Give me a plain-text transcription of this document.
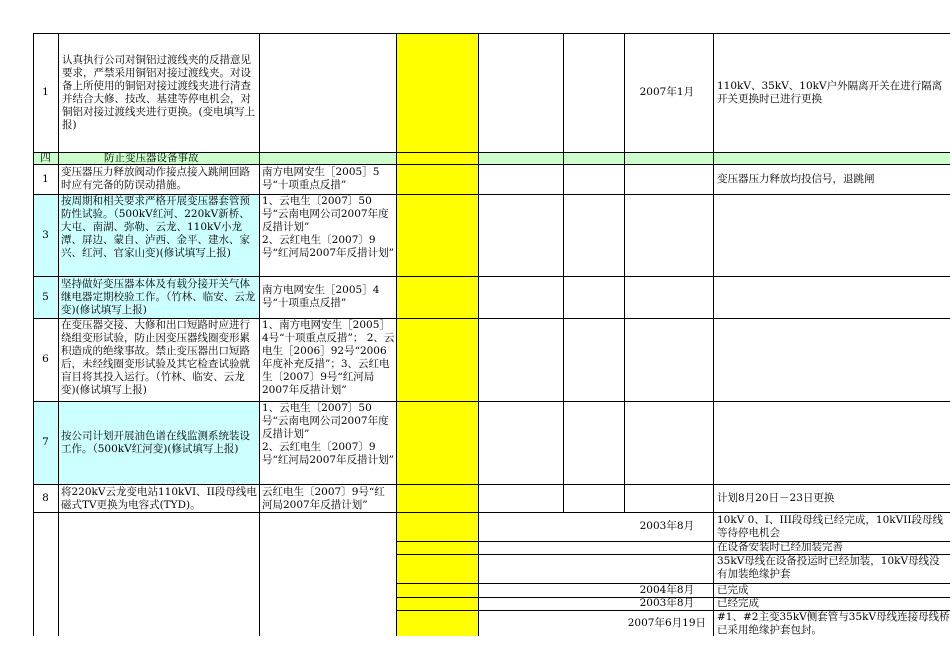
1
认真执行公司对铜铝过渡线夹的反措意见要求，严禁采用铜铝对接过渡线夹。对设备上所使用的铜铝对接过渡线夹进行清查并结合大修、技改、基建等停电机会，对铜铝对接过渡线夹进行更换。(变电填写上报)
2007年1月
110kV、35kV、10kV户外隔离开关在进行隔离开关更换时已进行更换
四	防止变压器设备事故
1
变压器压力释放阀动作接点接入跳闸回路时应有完备的防误动措施。
南方电网安生［2005］5号“十项重点反措”
变压器压力释放均投信号，退跳闸
3
按周期和相关要求严格开展变压器套管预防性试验。（500kV红河、220kV新桥、大屯、南湖、弥勒、云龙、110kV小龙潭、屏边、蒙自、泸西、金平、建水、家兴、红河、官家山变)(修试填写上报)
1、云电生〔2007〕50号“云南电网公司2007年度反措计划”
2、云红电生〔2007〕9号“红河局2007年反措计划”
5
坚持做好变压器本体及有载分接开关气体继电器定期校验工作。（竹林、临安、云龙变)(修试填写上报)
南方电网安生［2005］4号“十项重点反措”
6
在变压器交接、大修和出口短路时应进行绕组变形试验，防止因变压器线圈变形累积造成的绝缘事故。禁止变压器出口短路后，未经线圈变形试验及其它检查试验就盲目将其投入运行。（竹林、临安、云龙变)(修试填写上报)
1、南方电网安生［2005］4号“十项重点反措”； 2、云电生［2006］92号“2006年度补充反措”；3、云红电生〔2007〕9号“红河局2007年反措计划”
7
按公司计划开展油色谱在线监测系统装设工作。（500kV红河变)(修试填写上报)
1、云电生〔2007〕50号“云南电网公司2007年度反措计划”
2、云红电生〔2007〕9号“红河局2007年反措计划”
8	将220kV云龙变电站110kVI、II段母线电磁式TV更换为电容式(TYD)。
云红电生〔2007〕9号“红河局2007年反措计划”
计划8月20日－23日更换
2003年8月 10kV 0、I、III段母线已经完成，10kVII段母线等待停电机会
在设备安装时已经加装完善
35kV母线在设备投运时已经加装，10kV母线没有加装绝缘护套
2004年8月 已完成
2003年8月 已经完成
2007年6月19日 #1、#2主变35kV侧套管与35kV母线连接母线桥已采用绝缘护套包封。
